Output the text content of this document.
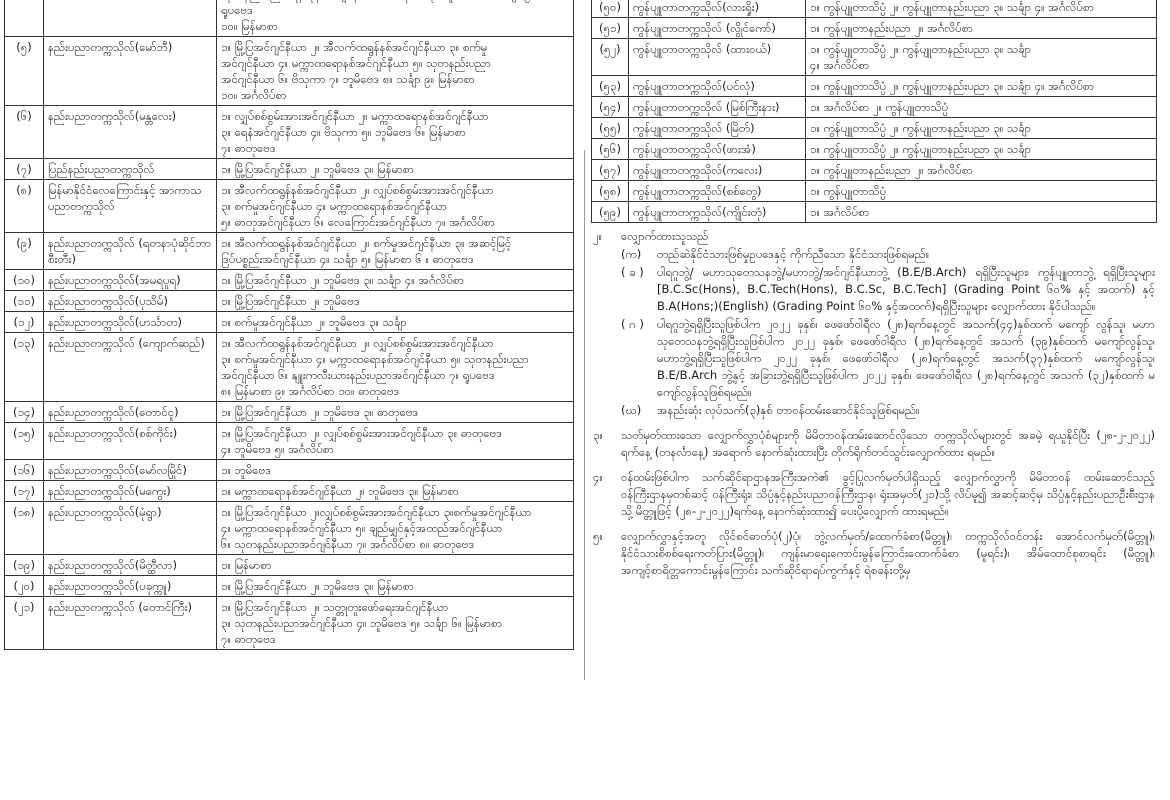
		ရူပဗေဒ
၁၀။ မြန်မာစာ

(၅)	နည်းပညာတက္ကသိုလ်(မော်ဘီ)	၁။ မြို့ပြအင်ဂျင်နီယာ ၂။ အီလက်ထရွန်နစ်အင်ဂျင်နီယာ ၃။ စက်မှု
အင်ဂျင်နီယာ ၄။ မက္ကာထရောနစ်အင်ဂျင်နီယာ ၅။ သုတနည်းပညာ
အင်ဂျင်နီယာ ၆။ ဗိသုကာ ၇။ ဘူမိဗေဒ ၈။ သင်္ချာ ၉။ မြန်မာစာ
၁၀။ အင်္ဂလိပ်စာ

(၆)	နည်းပညာတက္ကသိုလ်(မန္တလေး)	၁။ လျှပ်စစ်စွမ်းအားအင်ဂျင်နီယာ ၂။ မက္ကာထရောနစ်အင်ဂျင်နီယာ
၃။ ရေနံအင်ဂျင်နီယာ ၄။ ဗိသုကာ ၅။ ဘူမိဗေဒ ၆။ မြန်မာစာ
၇။ ဓာတုဗေဒ

(၇)	ပြည်နည်းပညာတက္ကသိုလ်	၁။ မြို့ပြအင်ဂျင်နီယာ ၂။ ဘူမိဗေဒ ၃။ မြန်မာစာ

(၈)	မြန်မာနိုင်ငံလေကြောင်းနှင့် အာကာသပညာတက္ကသိုလ်	၁။ အီလက်ထရွန်နစ်အင်ဂျင်နီယာ ၂။ လျှပ်စစ်စွမ်းအားအင်ဂျင်နီယာ
၃။ စက်မှုအင်ဂျင်နီယာ ၄။ မက္ကာထရောနစ်အင်ဂျင်နီယာ
၅။ ဓာတုအင်ဂျင်နီယာ ၆။ လေကြောင်းအင်ဂျင်နီယာ ၇။ အင်္ဂလိပ်စာ

(၉)	နည်းပညာတက္ကသိုလ် (ရတနာပုံဆိုင်ဘာစီးတီး)	၁။ အီလက်ထရွန်နစ်အင်ဂျင်နီယာ ၂။ စက်မှုအင်ဂျင်နီယာ ၃။ အဆင့်မြင့်
ဒြပ်ပစ္စည်းအင်ဂျင်နီယာ ၄။ သင်္ချာ ၅။ မြန်မာစာ ၆ ။ ဓာတုဗေဒ

(၁၀)	နည်းပညာတက္ကသိုလ်(အမရပူရ)	၁။ မြို့ပြအင်ဂျင်နီယာ ၂။ ဘူမိဗေဒ ၃။ သင်္ချာ ၄။ အင်္ဂလိပ်စာ

(၁၁)	နည်းပညာတက္ကသိုလ်(ပုသိမ်)	၁။ မြို့ပြအင်ဂျင်နီယာ ၂။ ဘူမိဗေဒ

(၁၂)	နည်းပညာတက္ကသိုလ်(ဟင်္သာတ)	၁။ စက်မှုအင်ဂျင်နီယာ ၂။ ဘူမိဗေဒ ၃။ သင်္ချာ

(၁၃)	နည်းပညာတက္ကသိုလ် (ကျောက်ဆည်)	၁။ အီလက်ထရွန်နစ်အင်ဂျင်နီယာ ၂။ လျှပ်စစ်စွမ်းအားအင်ဂျင်နီယာ
၃။ စက်မှုအင်ဂျင်နီယာ ၄။ မက္ကာထရောနစ်အင်ဂျင်နီယာ ၅။ သုတနည်းပညာ
အင်ဂျင်နီယာ ၆။ နျူးကလီးယားနည်းပညာအင်ဂျင်နီယာ ၇။ ရူပဗေဒ
၈။ မြန်မာစာ ၉။ အင်္ဂလိပ်စာ ၁၀။ ဓာတုဗေဒ

(၁၄)	နည်းပညာတက္ကသိုလ်(တောင်ငူ)	၁။ မြို့ပြအင်ဂျင်နီယာ ၂။ ဘူမိဗေဒ ၃။ ဓာတုဗေဒ

(၁၅)	နည်းပညာတက္ကသိုလ်(စစ်ကိုင်း)	၁။ မြို့ပြအင်ဂျင်နီယာ ၂။ လျှပ်စစ်စွမ်းအားအင်ဂျင်နီယာ ၃။ ဓာတုဗေဒ
၄။ ဘူမိဗေဒ ၅။ အင်္ဂလိပ်စာ

(၁၆)	နည်းပညာတက္ကသိုလ်(မော်လမြိုင်)	၁။ ဘူမိဗေဒ

(၁၇)	နည်းပညာတက္ကသိုလ်(မကွေး)	၁။ မက္ကာထရောနစ်အင်ဂျင်နီယာ ၂။ ဘူမိဗေဒ ၃။ မြန်မာစာ

(၁၈)	နည်းပညာတက္ကသိုလ်(မုံရွာ)	၁။ မြို့ပြအင်ဂျင်နီယာ ၂။လျှပ်စစ်စွမ်းအားအင်ဂျင်နီယာ ၃။စက်မှုအင်ဂျင်နီယာ
၄။ မက္ကာထရောနစ်အင်ဂျင်နီယာ ၅။ ချည်မျှင်နှင့်အထည်အင်ဂျင်နီယာ
၆။ သုတနည်းပညာအင်ဂျင်နီယာ ၇။ အင်္ဂလိပ်စာ ၈။ ဓာတုဗေဒ

(၁၉)	နည်းပညာတက္ကသိုလ်(မိတ္ထီလာ)	၁။ မြန်မာစာ

(၂၀)	နည်းပညာတက္ကသိုလ်(ပခုက္ကူ)	၁။ မြို့ပြအင်ဂျင်နီယာ ၂။ ဘူမိဗေဒ ၃။ မြန်မာစာ

(၂၁)	နည်းပညာတက္ကသိုလ် (တောင်ကြီး)	၁။ မြို့ပြအင်ဂျင်နီယာ ၂။ သတ္တုတူးဖော်ရေးအင်ဂျင်နီယာ
၃။ သုတနည်းပညာအင်ဂျင်နီယာ ၄။ ဘူမိဗေဒ ၅။ သင်္ချာ ၆။ မြန်မာစာ
၇။ ဓာတုဗေဒ
(၅၀)	ကွန်ပျူတာတက္ကသိုလ်(လားရှိုး)	၁။ ကွန်ပျူတာသိပ္ပံ ၂။ ကွန်ပျူတာနည်းပညာ ၃။ သင်္ချာ ၄။ အင်္ဂလိပ်စာ

(၅၁)	ကွန်ပျူတာတက္ကသိုလ် (လွိုင်ကော်)	၁။ ကွန်ပျူတာနည်းပညာ ၂။ အင်္ဂလိပ်စာ

(၅၂)	ကွန်ပျူတာတက္ကသိုလ် (ထားဝယ်)	၁။ ကွန်ပျူတာသိပ္ပံ ၂။ ကွန်ပျူတာနည်းပညာ ၃။ သင်္ချာ
၄။ အင်္ဂလိပ်စာ

(၅၃)	ကွန်ပျူတာတက္ကသိုလ်(ပင်လုံ)	၁။ ကွန်ပျူတာသိပ္ပံ ၂။ ကွန်ပျူတာနည်းပညာ ၃။ သင်္ချာ ၄။ အင်္ဂလိပ်စာ

(၅၄)	ကွန်ပျူတာတက္ကသိုလ် (မြစ်ကြီးနား)	၁။ အင်္ဂလိပ်စာ ၂။ ကွန်ပျူတာသိပ္ပံ

(၅၅)	ကွန်ပျူတာတက္ကသိုလ် (မြိတ်)	၁။ ကွန်ပျူတာသိပ္ပံ ၂။ ကွန်ပျူတာနည်းပညာ ၃။ သင်္ချာ

(၅၆)	ကွန်ပျူတာတက္ကသိုလ်(ဖားအံ)	၁။ ကွန်ပျူတာသိပ္ပံ ၂။ ကွန်ပျူတာနည်းပညာ ၃။ သင်္ချာ

(၅၇)	ကွန်ပျူတာတက္ကသိုလ်(ကလေး)	၁။ ကွန်ပျူတာနည်းပညာ ၂။ အင်္ဂလိပ်စာ

(၅၈)	ကွန်ပျူတာတက္ကသိုလ်(စစ်တွေ)	၁။ ကွန်ပျူတာသိပ္ပံ

(၅၉)	ကွန်ပျူတာတက္ကသိုလ်(ကျိုင်းတုံ)	၁။ အင်္ဂလိပ်စာ
၂။	လျှောက်ထားသူသည်
(က)	တည်ဆဲနိုင်ငံသားဖြစ်မှုဥပဒေနှင့် ကိုက်ညီသော နိုင်ငံသားဖြစ်ရမည်။
( ခ )	ပါရဂူဘွဲ့/ မဟာသုတေသနဘွဲ့/မဟာဘွဲ့/အင်ဂျင်နီယာဘွဲ့ (B.E/B.Arch) ရရှိပြီးသူများ၊ ကွန်ပျူတာဘွဲ့ ရရှိပြီးသူများ [B.C.Sc(Hons), B.C.Tech(Hons), B.C.Sc, B.C.Tech] (Grading Point ၆၀% နှင့် အထက်) နှင့် B.A(Hons;)(English) (Grading Point ၆၀% နှင့်အထက်)ရရှိပြီးသူများ လျှောက်ထား နိုင်ပါသည်။
( ဂ )	ပါရဂူဘွဲ့ရရှိပြီးသူဖြစ်ပါက ၂၀၂၂ ခုနှစ်၊ ဖေဖော်ဝါရီလ (၂၈)ရက်နေ့တွင် အသက်(၄၄)နှစ်ထက် မကျော် လွန်သူ၊ မဟာသုတေသနဘွဲ့ရရှိပြီးသူဖြစ်ပါက ၂၀၂၂ ခုနှစ်၊ ဖေဖော်ဝါရီလ (၂၈)ရက်နေ့တွင် အသက် (၃၉)နှစ်ထက် မကျော်လွန်သူ၊ မဟာဘွဲ့ရရှိပြီးသူဖြစ်ပါက ၂၀၂၂ ခုနှစ်၊ ဖေဖော်ဝါရီလ (၂၈)ရက်နေ့တွင် အသက်(၃၇)နှစ်ထက် မကျော်လွန်သူ၊ B.E/B.Arch ဘွဲ့နှင့် အခြားဘွဲ့ရရှိပြီးသူဖြစ်ပါက ၂၀၂၂ ခုနှစ်၊ ဖေဖော်ဝါရီလ (၂၈)ရက်နေ့တွင် အသက် (၃၂)နှစ်ထက် မကျော်လွန်သူဖြစ်ရမည်။
(ဃ)	အနည်းဆုံး လုပ်သက်(၃)နှစ် တာဝန်ထမ်းဆောင်နိုင်သူဖြစ်ရမည်။
၃။	သတ်မှတ်ထားသော လျှောက်လွှာပုံစံများကို မိမိတာဝန်ထမ်းဆောင်လိုသော တက္ကသိုလ်များတွင် အခမဲ့ ရယူနိုင်ပြီး (၂၈-၂-၂၀၂၂) ရက်နေ့ (တနင်္လာနေ့) အရောက် နောက်ဆုံးထားပြီး တိုက်ရိုက်တင်သွင်းလျှောက်ထား ရမည်။
၄။	ဝန်ထမ်းဖြစ်ပါက သက်ဆိုင်ရာဌာနအကြီးအကဲ၏ ခွင့်ပြုလက်မှတ်ပါရှိသည့် လျှောက်လွှာကို မိမိတာဝန် ထမ်းဆောင်သည့် ဝန်ကြီးဌာနမှတစ်ဆင့် ဝန်ကြီးရုံး၊ သိပ္ပံနှင့်နည်းပညာဝန်ကြီးဌာန၊ ရုံးအမှတ်(၂၁)သို့ လိပ်မူ၍ အဆင့်ဆင့်မှ သိပ္ပံနှင့်နည်းပညာဦးစီးဌာနသို့ မိတ္တူဖြင့် (၂၈-၂-၂၀၂၂)ရက်နေ့ နောက်ဆုံးထား၍ ပေးပို့လျှောက် ထားရမည်။
၅။	လျှောက်လွှာနှင့်အတူ လိုင်စင်ဓာတ်ပုံ(၂)ပုံ၊ ဘွဲ့လက်မှတ်/ထောက်ခံစာ(မိတ္တူ)၊ တက္ကသိုလ်ဝင်တန်း အောင်လက်မှတ်(မိတ္တူ)၊ နိုင်ငံသားစိစစ်ရေးကတ်ပြား(မိတ္တူ)၊ ကျန်းမာရေးကောင်းမွန်ကြောင်းထောက်ခံစာ (မူရင်း)၊ အိမ်ထောင်စုစာရင်း (မိတ္တူ)၊ အကျင့်စာရိတ္တကောင်းမွန်ကြောင်း သက်ဆိုင်ရာရပ်ကွက်နှင့် ရဲစခန်းတို့မှ
